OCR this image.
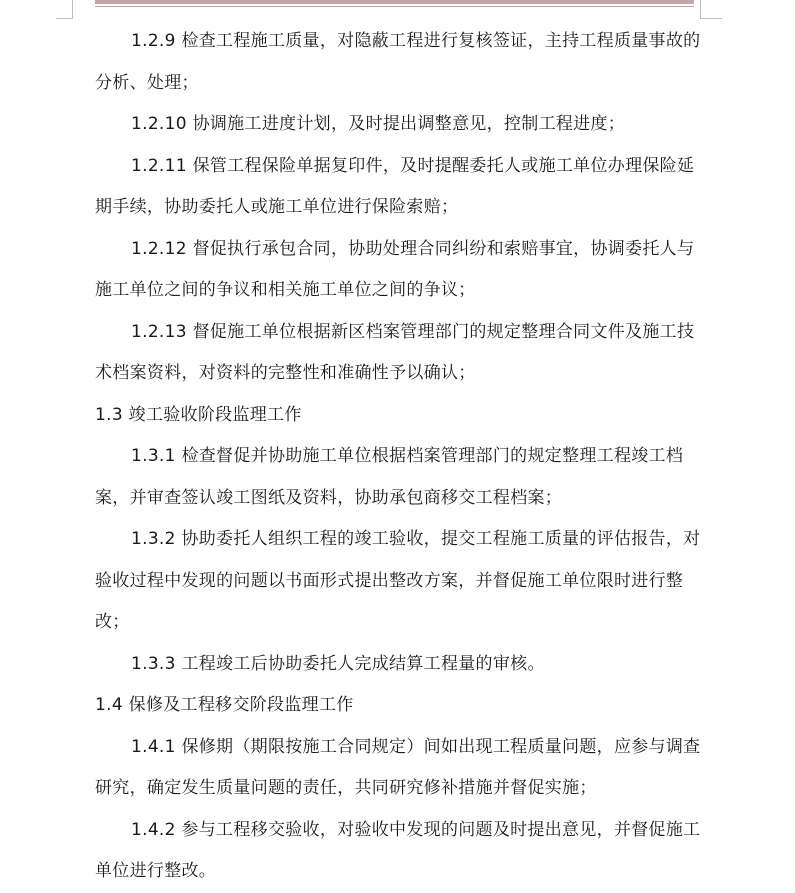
1.2.9 检查工程施工质量，对隐蔽工程进行复核签证，主持工程质量事故的分析、处理；

1.2.10 协调施工进度计划，及时提出调整意见，控制工程进度；

1.2.11 保管工程保险单据复印件，及时提醒委托人或施工单位办理保险延期手续，协助委托人或施工单位进行保险索赔；

1.2.12 督促执行承包合同，协助处理合同纠纷和索赔事宜，协调委托人与施工单位之间的争议和相关施工单位之间的争议；

1.2.13 督促施工单位根据新区档案管理部门的规定整理合同文件及施工技术档案资料，对资料的完整性和准确性予以确认；

1.3 竣工验收阶段监理工作

1.3.1 检查督促并协助施工单位根据档案管理部门的规定整理工程竣工档案，并审查签认竣工图纸及资料，协助承包商移交工程档案；

1.3.2 协助委托人组织工程的竣工验收，提交工程施工质量的评估报告，对验收过程中发现的问题以书面形式提出整改方案，并督促施工单位限时进行整改；

1.3.3 工程竣工后协助委托人完成结算工程量的审核。

1.4 保修及工程移交阶段监理工作

1.4.1 保修期（期限按施工合同规定）间如出现工程质量问题，应参与调查研究，确定发生质量问题的责任，共同研究修补措施并督促实施；

1.4.2 参与工程移交验收，对验收中发现的问题及时提出意见，并督促施工单位进行整改。
